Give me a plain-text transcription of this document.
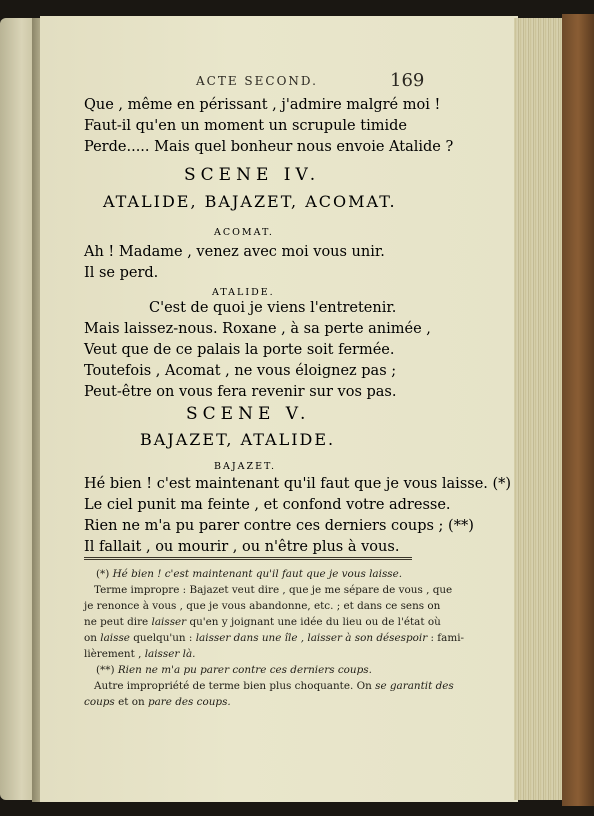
ACTE SECOND.	169
Que , même en périssant , j'admire malgré moi !
Faut-il qu'en un moment un scrupule timide
Perde..... Mais quel bonheur nous envoie Atalide ?
SCENE IV.
ATALIDE, BAJAZET, ACOMAT.
ACOMAT.
Ah ! Madame , venez avec moi vous unir.
Il se perd.
ATALIDE.
C'est de quoi je viens l'entretenir.
Mais laissez-nous. Roxane , à sa perte animée ,
Veut que de ce palais la porte soit fermée.
Toutefois , Acomat , ne vous éloignez pas ;
Peut-être on vous fera revenir sur vos pas.
SCENE V.
BAJAZET, ATALIDE.
BAJAZET.
Hé bien ! c'est maintenant qu'il faut que je vous laisse. (*)
Le ciel punit ma feinte , et confond votre adresse.
Rien ne m'a pu parer contre ces derniers coups ; (**)
Il fallait , ou mourir , ou n'être plus à vous.
(*) Hé bien ! c'est maintenant qu'il faut que je vous laisse.
Terme impropre : Bajazet veut dire , que je me sépare de vous , que
je renonce à vous , que je vous abandonne, etc. ; et dans ce sens on
ne peut dire laisser qu'en y joignant une idée du lieu ou de l'état où
on laisse quelqu'un : laisser dans une île , laisser à son désespoir : fami-
lièrement , laisser là.
(**) Rien ne m'a pu parer contre ces derniers coups.
Autre impropriété de terme bien plus choquante. On se garantit des
coups et on pare des coups.
